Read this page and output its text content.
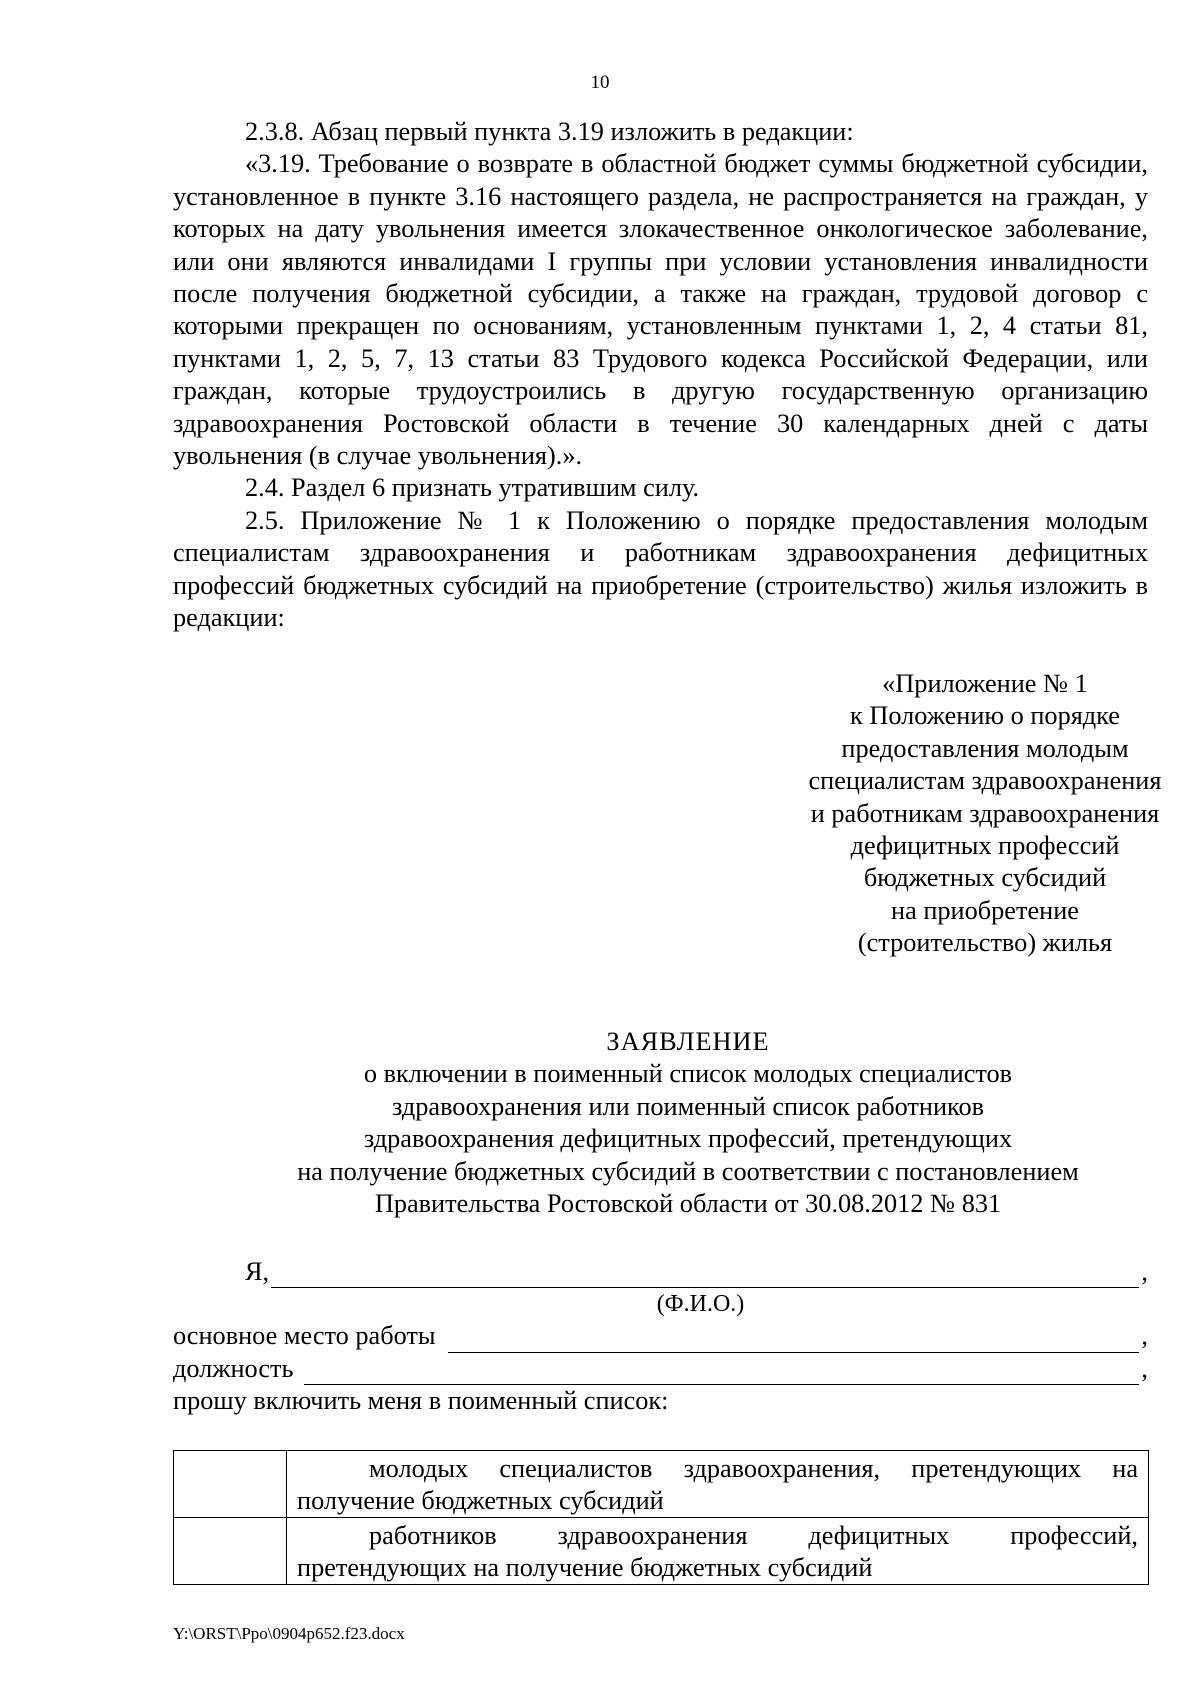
10

2.3.8. Абзац первый пункта 3.19 изложить в редакции:

«3.19. Требование о возврате в областной бюджет суммы бюджетной субсидии, установленное в пункте 3.16 настоящего раздела, не распространяется на граждан, у которых на дату увольнения имеется злокачественное онкологическое заболевание, или они являются инвалидами I группы при условии установления инвалидности после получения бюджетной субсидии, а также на граждан, трудовой договор с которыми прекращен по основаниям, установленным пунктами 1, 2, 4 статьи 81, пунктами 1, 2, 5, 7, 13 статьи 83 Трудового кодекса Российской Федерации, или граждан, которые трудоустроились в другую государственную организацию здравоохранения Ростовской области в течение 30 календарных дней с даты увольнения (в случае увольнения).».

2.4. Раздел 6 признать утратившим силу.

2.5. Приложение № 1 к Положению о порядке предоставления молодым специалистам здравоохранения и работникам здравоохранения дефицитных профессий бюджетных субсидий на приобретение (строительство) жилья изложить в редакции:

«Приложение № 1
к Положению о порядке
предоставления молодым
специалистам здравоохранения
и работникам здравоохранения
дефицитных профессий
бюджетных субсидий
на приобретение
(строительство) жилья
ЗАЯВЛЕНИЕ
о включении в поименный список молодых специалистов
здравоохранения или поименный список работников
здравоохранения дефицитных профессий, претендующих
на получение бюджетных субсидий в соответствии с постановлением
Правительства Ростовской области от 30.08.2012 № 831
Я,	,
(Ф.И.О.)
основное место работы	,
должность	,
прошу включить меня в поименный список:

	молодых специалистов здравоохранения, претендующих на получение бюджетных субсидий

	работников здравоохранения дефицитных профессий, претендующих на получение бюджетных субсидий
Y:\ORST\Ppo\0904p652.f23.docx
